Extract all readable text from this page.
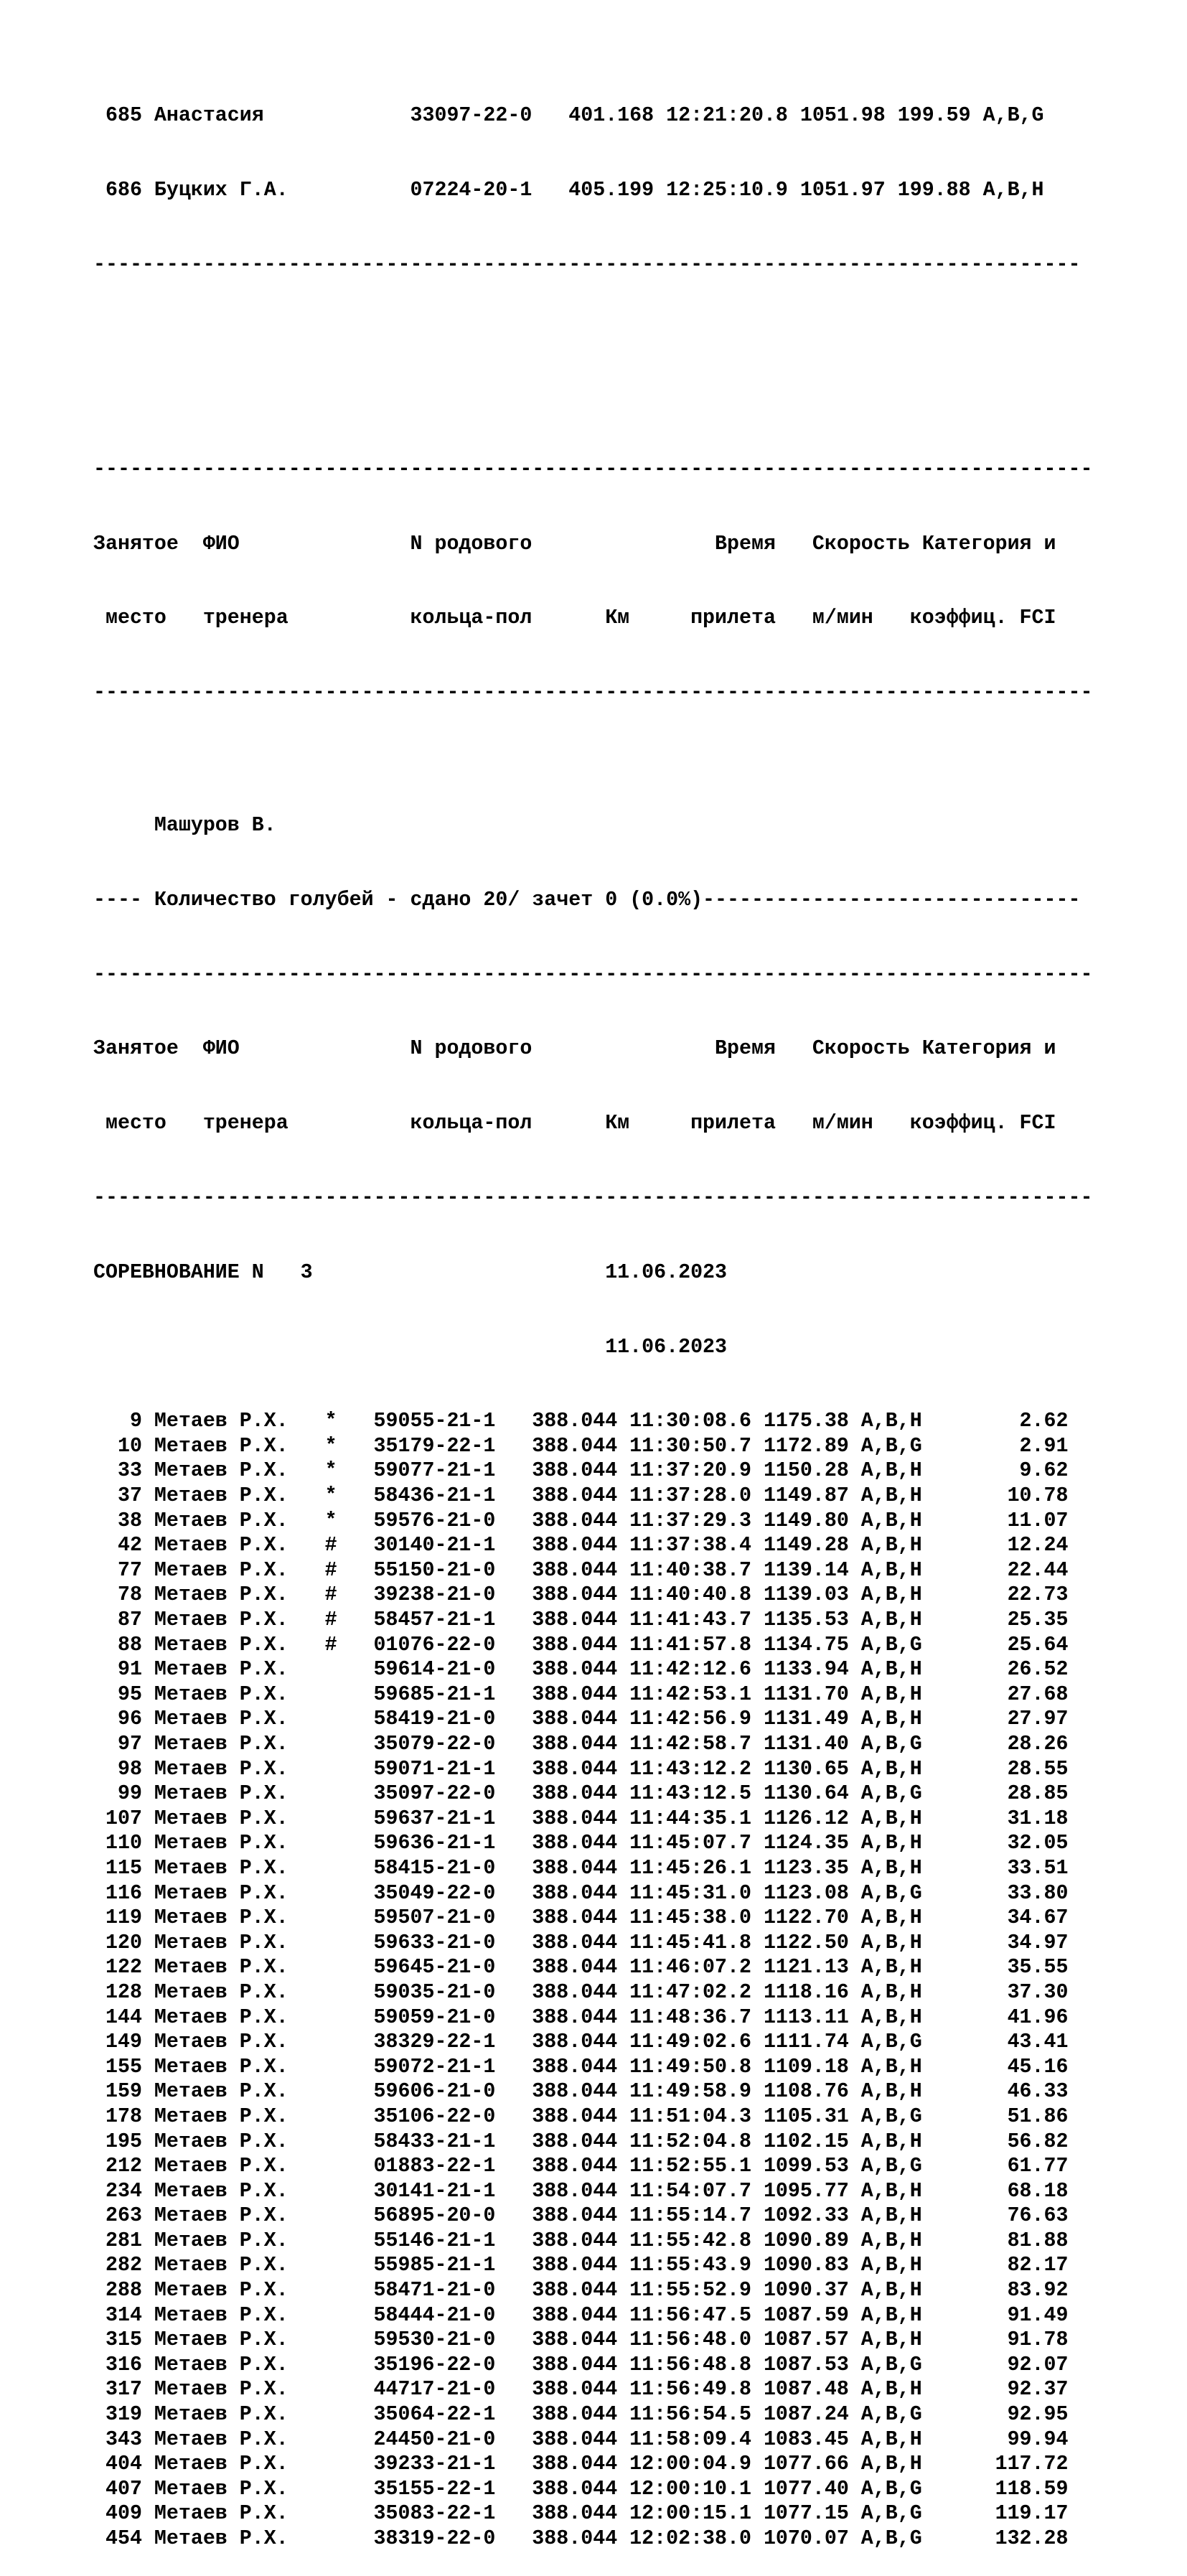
685 Анастасия            33097-22-0   401.168 12:21:20.8 1051.98 199.59 A,B,G

686 Буцких Г.А.          07224-20-1   405.199 12:25:10.9 1051.97 199.88 A,B,H

---------------------------------------------------------------------------------

----------------------------------------------------------------------------------

Занятое  ФИО              N родового               Время   Скорость Категория и

место   тренера          кольца-пол      Км     прилета   м/мин   коэффиц. FCI

----------------------------------------------------------------------------------

Машуров В.

---- Количество голубей - сдано 20/ зачет 0 (0.0%)-------------------------------

----------------------------------------------------------------------------------

Занятое  ФИО              N родового               Время   Скорость Категория и

место   тренера          кольца-пол      Км     прилета   м/мин   коэффиц. FCI

----------------------------------------------------------------------------------

СОРЕВНОВАНИЕ N   3                        11.06.2023

11.06.2023

9 Метаев Р.Х.   *   59055-21-1   388.044 11:30:08.6 1175.38 A,B,H        2.62
10 Метаев Р.Х.   *   35179-22-1   388.044 11:30:50.7 1172.89 A,B,G        2.91
33 Метаев Р.Х.   *   59077-21-1   388.044 11:37:20.9 1150.28 A,B,H        9.62
37 Метаев Р.Х.   *   58436-21-1   388.044 11:37:28.0 1149.87 A,B,H       10.78
38 Метаев Р.Х.   *   59576-21-0   388.044 11:37:29.3 1149.80 A,B,H       11.07
42 Метаев Р.Х.   #   30140-21-1   388.044 11:37:38.4 1149.28 A,B,H       12.24
77 Метаев Р.Х.   #   55150-21-0   388.044 11:40:38.7 1139.14 A,B,H       22.44
78 Метаев Р.Х.   #   39238-21-0   388.044 11:40:40.8 1139.03 A,B,H       22.73
87 Метаев Р.Х.   #   58457-21-1   388.044 11:41:43.7 1135.53 A,B,H       25.35
88 Метаев Р.Х.   #   01076-22-0   388.044 11:41:57.8 1134.75 A,B,G       25.64
91 Метаев Р.Х.       59614-21-0   388.044 11:42:12.6 1133.94 A,B,H       26.52
95 Метаев Р.Х.       59685-21-1   388.044 11:42:53.1 1131.70 A,B,H       27.68
96 Метаев Р.Х.       58419-21-0   388.044 11:42:56.9 1131.49 A,B,H       27.97
97 Метаев Р.Х.       35079-22-0   388.044 11:42:58.7 1131.40 A,B,G       28.26
98 Метаев Р.Х.       59071-21-1   388.044 11:43:12.2 1130.65 A,B,H       28.55
99 Метаев Р.Х.       35097-22-0   388.044 11:43:12.5 1130.64 A,B,G       28.85
107 Метаев Р.Х.       59637-21-1   388.044 11:44:35.1 1126.12 A,B,H       31.18
110 Метаев Р.Х.       59636-21-1   388.044 11:45:07.7 1124.35 A,B,H       32.05
115 Метаев Р.Х.       58415-21-0   388.044 11:45:26.1 1123.35 A,B,H       33.51
116 Метаев Р.Х.       35049-22-0   388.044 11:45:31.0 1123.08 A,B,G       33.80
119 Метаев Р.Х.       59507-21-0   388.044 11:45:38.0 1122.70 A,B,H       34.67
120 Метаев Р.Х.       59633-21-0   388.044 11:45:41.8 1122.50 A,B,H       34.97
122 Метаев Р.Х.       59645-21-0   388.044 11:46:07.2 1121.13 A,B,H       35.55
128 Метаев Р.Х.       59035-21-0   388.044 11:47:02.2 1118.16 A,B,H       37.30
144 Метаев Р.Х.       59059-21-0   388.044 11:48:36.7 1113.11 A,B,H       41.96
149 Метаев Р.Х.       38329-22-1   388.044 11:49:02.6 1111.74 A,B,G       43.41
155 Метаев Р.Х.       59072-21-1   388.044 11:49:50.8 1109.18 A,B,H       45.16
159 Метаев Р.Х.       59606-21-0   388.044 11:49:58.9 1108.76 A,B,H       46.33
178 Метаев Р.Х.       35106-22-0   388.044 11:51:04.3 1105.31 A,B,G       51.86
195 Метаев Р.Х.       58433-21-1   388.044 11:52:04.8 1102.15 A,B,H       56.82
212 Метаев Р.Х.       01883-22-1   388.044 11:52:55.1 1099.53 A,B,G       61.77
234 Метаев Р.Х.       30141-21-1   388.044 11:54:07.7 1095.77 A,B,H       68.18
263 Метаев Р.Х.       56895-20-0   388.044 11:55:14.7 1092.33 A,B,H       76.63
281 Метаев Р.Х.       55146-21-1   388.044 11:55:42.8 1090.89 A,B,H       81.88
282 Метаев Р.Х.       55985-21-1   388.044 11:55:43.9 1090.83 A,B,H       82.17
288 Метаев Р.Х.       58471-21-0   388.044 11:55:52.9 1090.37 A,B,H       83.92
314 Метаев Р.Х.       58444-21-0   388.044 11:56:47.5 1087.59 A,B,H       91.49
315 Метаев Р.Х.       59530-21-0   388.044 11:56:48.0 1087.57 A,B,H       91.78
316 Метаев Р.Х.       35196-22-0   388.044 11:56:48.8 1087.53 A,B,G       92.07
317 Метаев Р.Х.       44717-21-0   388.044 11:56:49.8 1087.48 A,B,H       92.37
319 Метаев Р.Х.       35064-22-1   388.044 11:56:54.5 1087.24 A,B,G       92.95
343 Метаев Р.Х.       24450-21-0   388.044 11:58:09.4 1083.45 A,B,H       99.94
404 Метаев Р.Х.       39233-21-1   388.044 12:00:04.9 1077.66 A,B,H      117.72
407 Метаев Р.Х.       35155-22-1   388.044 12:00:10.1 1077.40 A,B,G      118.59
409 Метаев Р.Х.       35083-22-1   388.044 12:00:15.1 1077.15 A,B,G      119.17
454 Метаев Р.Х.       38319-22-0   388.044 12:02:38.0 1070.07 A,B,G      132.28
